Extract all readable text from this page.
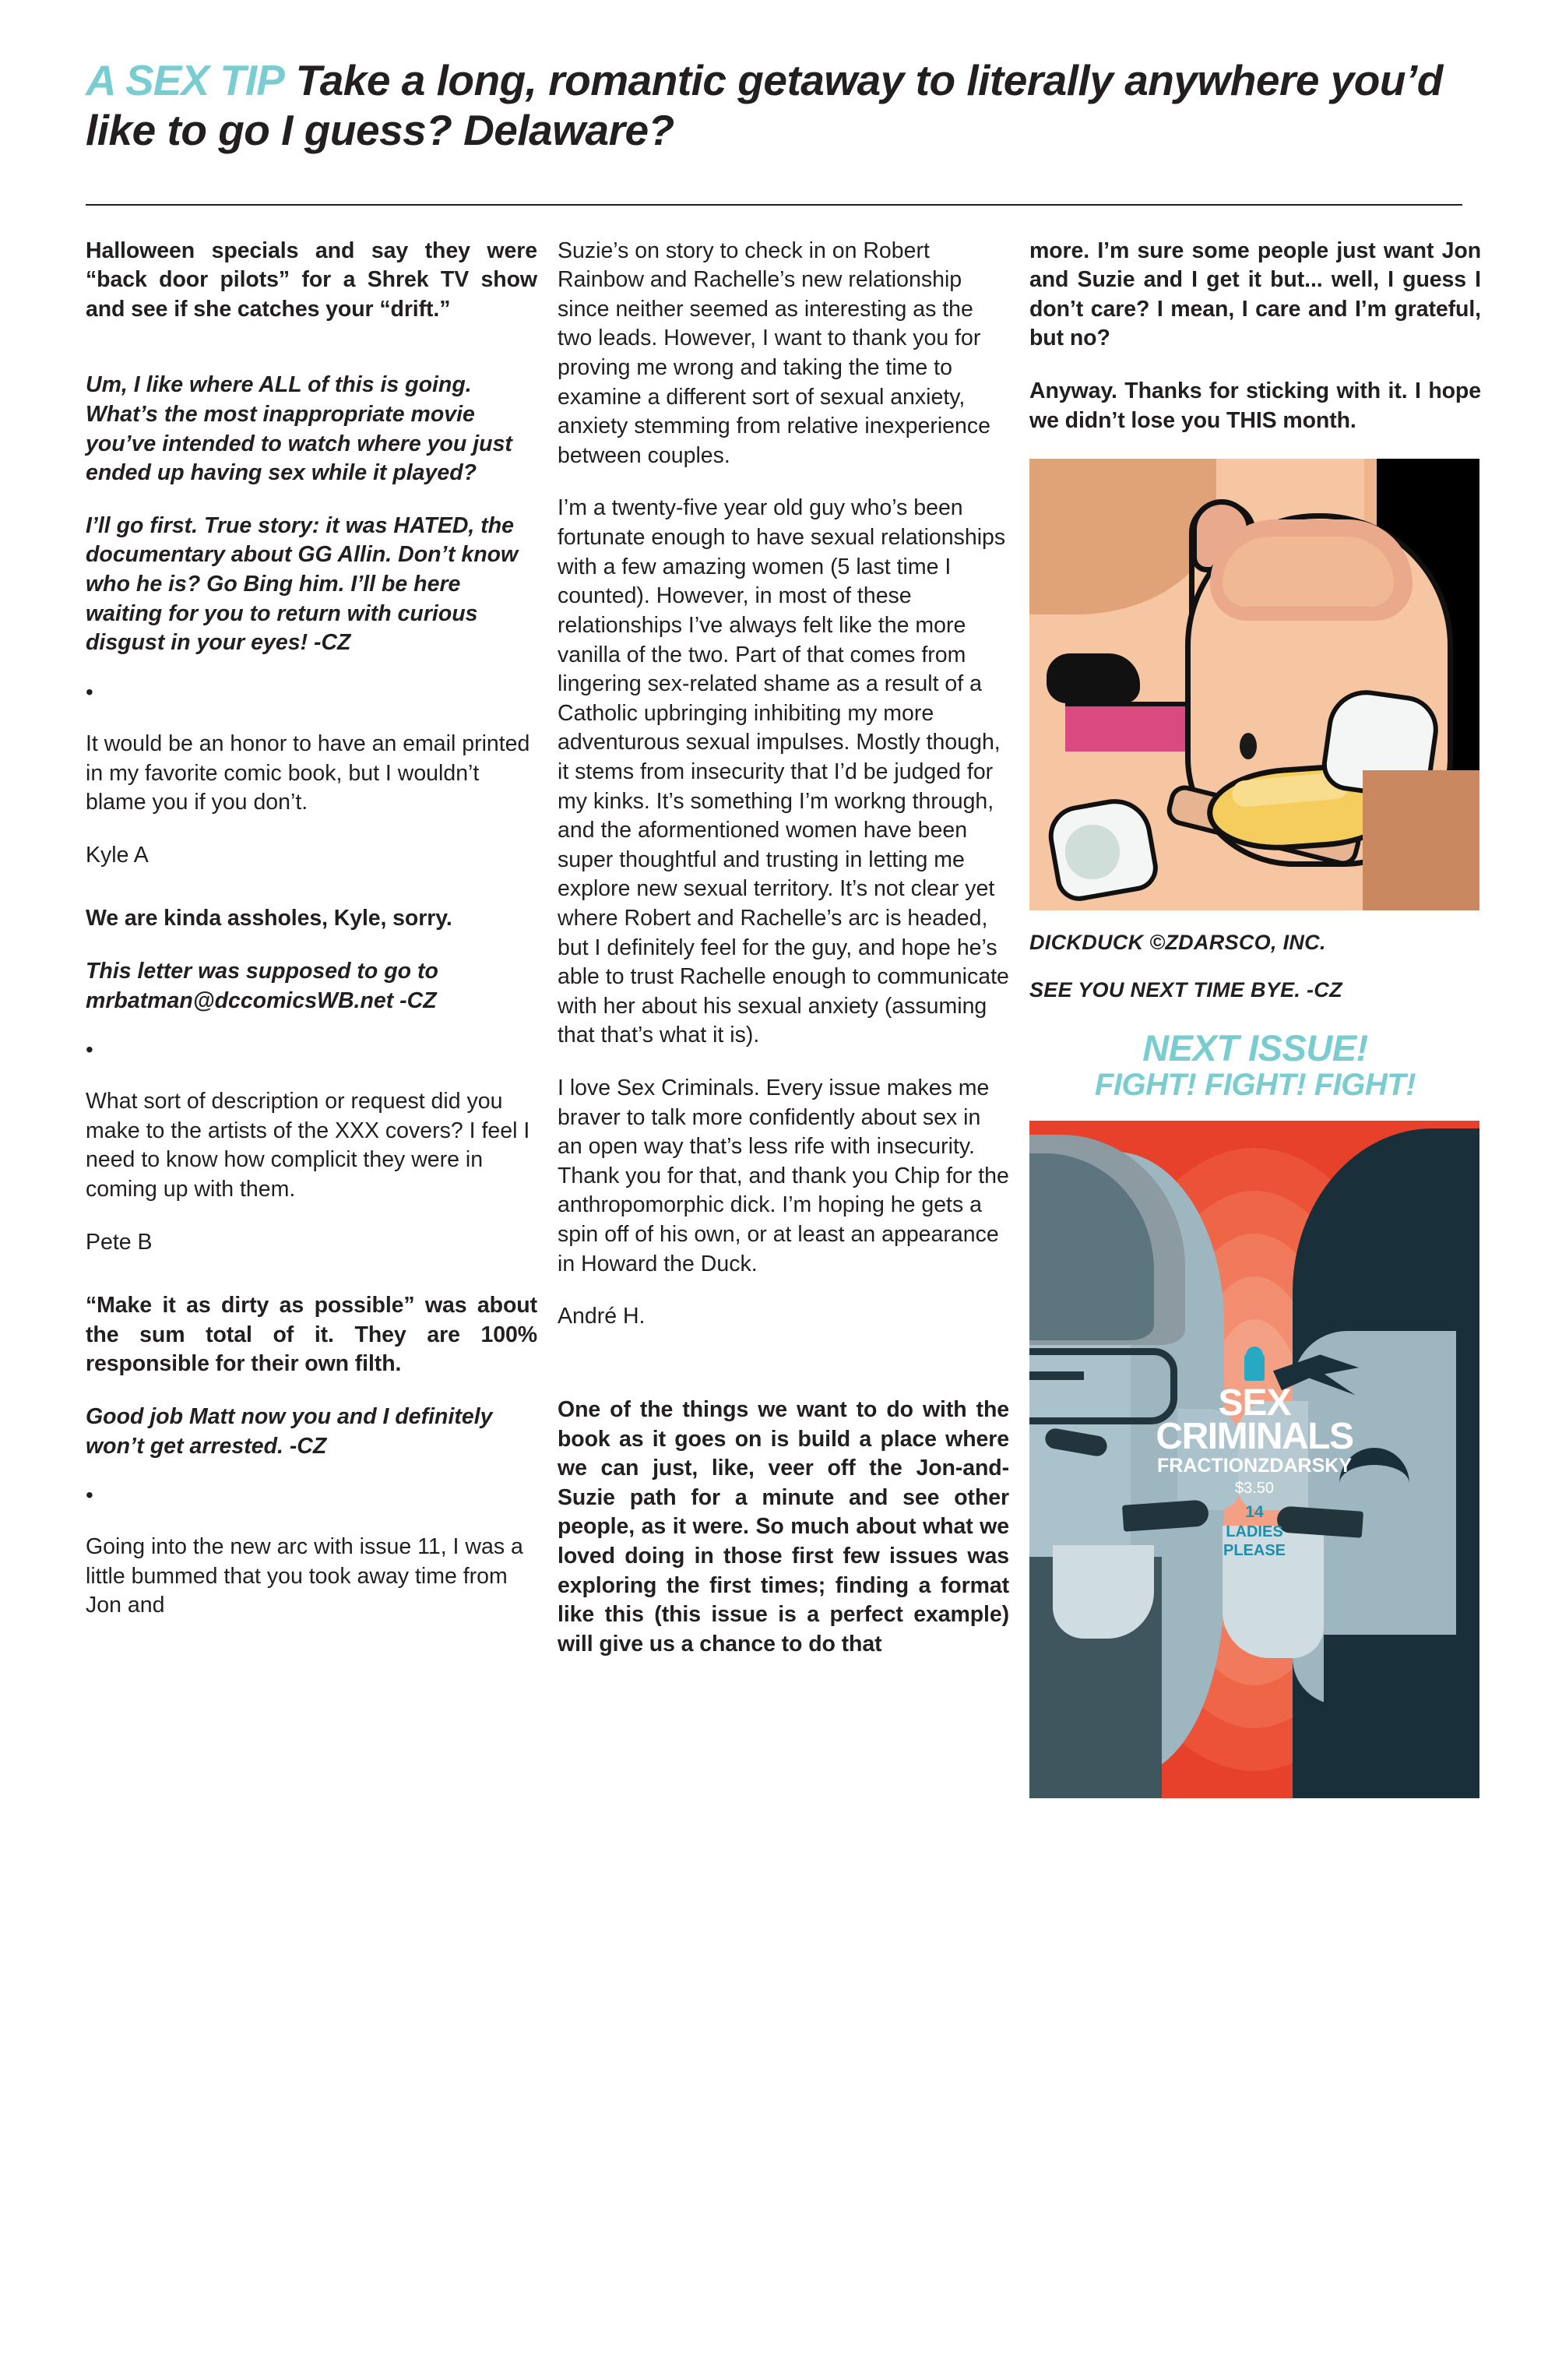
A SEX TIP Take a long, romantic getaway to literally anywhere you’d like to go I guess? Delaware?

Halloween specials and say they were “back door pilots” for a Shrek TV show and see if she catches your “drift.”

Um, I like where ALL of this is going. What’s the most inappropriate movie you’ve intended to watch where you just ended up having sex while it played?

I’ll go first. True story: it was HATED, the documentary about GG Allin. Don’t know who he is? Go Bing him. I’ll be here waiting for you to return with curious disgust in your eyes! -CZ

•

It would be an honor to have an email printed in my favorite comic book, but I wouldn’t blame you if you don’t.

Kyle A

We are kinda assholes, Kyle, sorry.

This letter was supposed to go to mrbatman@dccomicsWB.net -CZ

•

What sort of description or request did you make to the artists of the XXX covers? I feel I need to know how complicit they were in coming up with them.

Pete B

“Make it as dirty as possible” was about the sum total of it. They are 100% responsible for their own filth.

Good job Matt now you and I definitely won’t get arrested. -CZ

•

Going into the new arc with issue 11, I was a little bummed that you took away time from Jon and

Suzie’s on story to check in on Robert Rainbow and Rachelle’s new relationship since neither seemed as interesting as the two leads. However, I want to thank you for proving me wrong and taking the time to examine a different sort of sexual anxiety, anxiety stemming from relative inexperience between couples.

I’m a twenty-five year old guy who’s been fortunate enough to have sexual relationships with a few amazing women (5 last time I counted). However, in most of these relationships I’ve always felt like the more vanilla of the two. Part of that comes from lingering sex-related shame as a result of a Catholic upbringing inhibiting my more adventurous sexual impulses. Mostly though, it stems from insecurity that I’d be judged for my kinks. It’s something I’m workng through, and the aformentioned women have been super thoughtful and trusting in letting me explore new sexual territory. It’s not clear yet where Robert and Rachelle’s arc is headed, but I definitely feel for the guy, and hope he’s able to trust Rachelle enough to communicate with her about his sexual anxiety (assuming that that’s what it is).

I love Sex Criminals. Every issue makes me braver to talk more confidently about sex in an open way that’s less rife with insecurity. Thank you for that, and thank you Chip for the anthropomorphic dick. I’m hoping he gets a spin off of his own, or at least an appearance in Howard the Duck.

André H.

One of the things we want to do with the book as it goes on is build a place where we can just, like, veer off the Jon-and-Suzie path for a minute and see other people, as it were. So much about what we loved doing in those first few issues was exploring the first times; finding a format like this (this issue is a perfect example) will give us a chance to do that

more. I’m sure some people just want Jon and Suzie and I get it but... well, I guess I don’t care? I mean, I care and I’m grateful, but no?

Anyway. Thanks for sticking with it. I hope we didn’t lose you THIS month.

DICKDUCK ©ZDARSCO, INC.

SEE YOU NEXT TIME BYE. -CZ

NEXT ISSUE!
FIGHT! FIGHT! FIGHT!
SEX
CRIMINALS
FRACTIONZDARSKY
$3.50
14
LADIES
PLEASE
